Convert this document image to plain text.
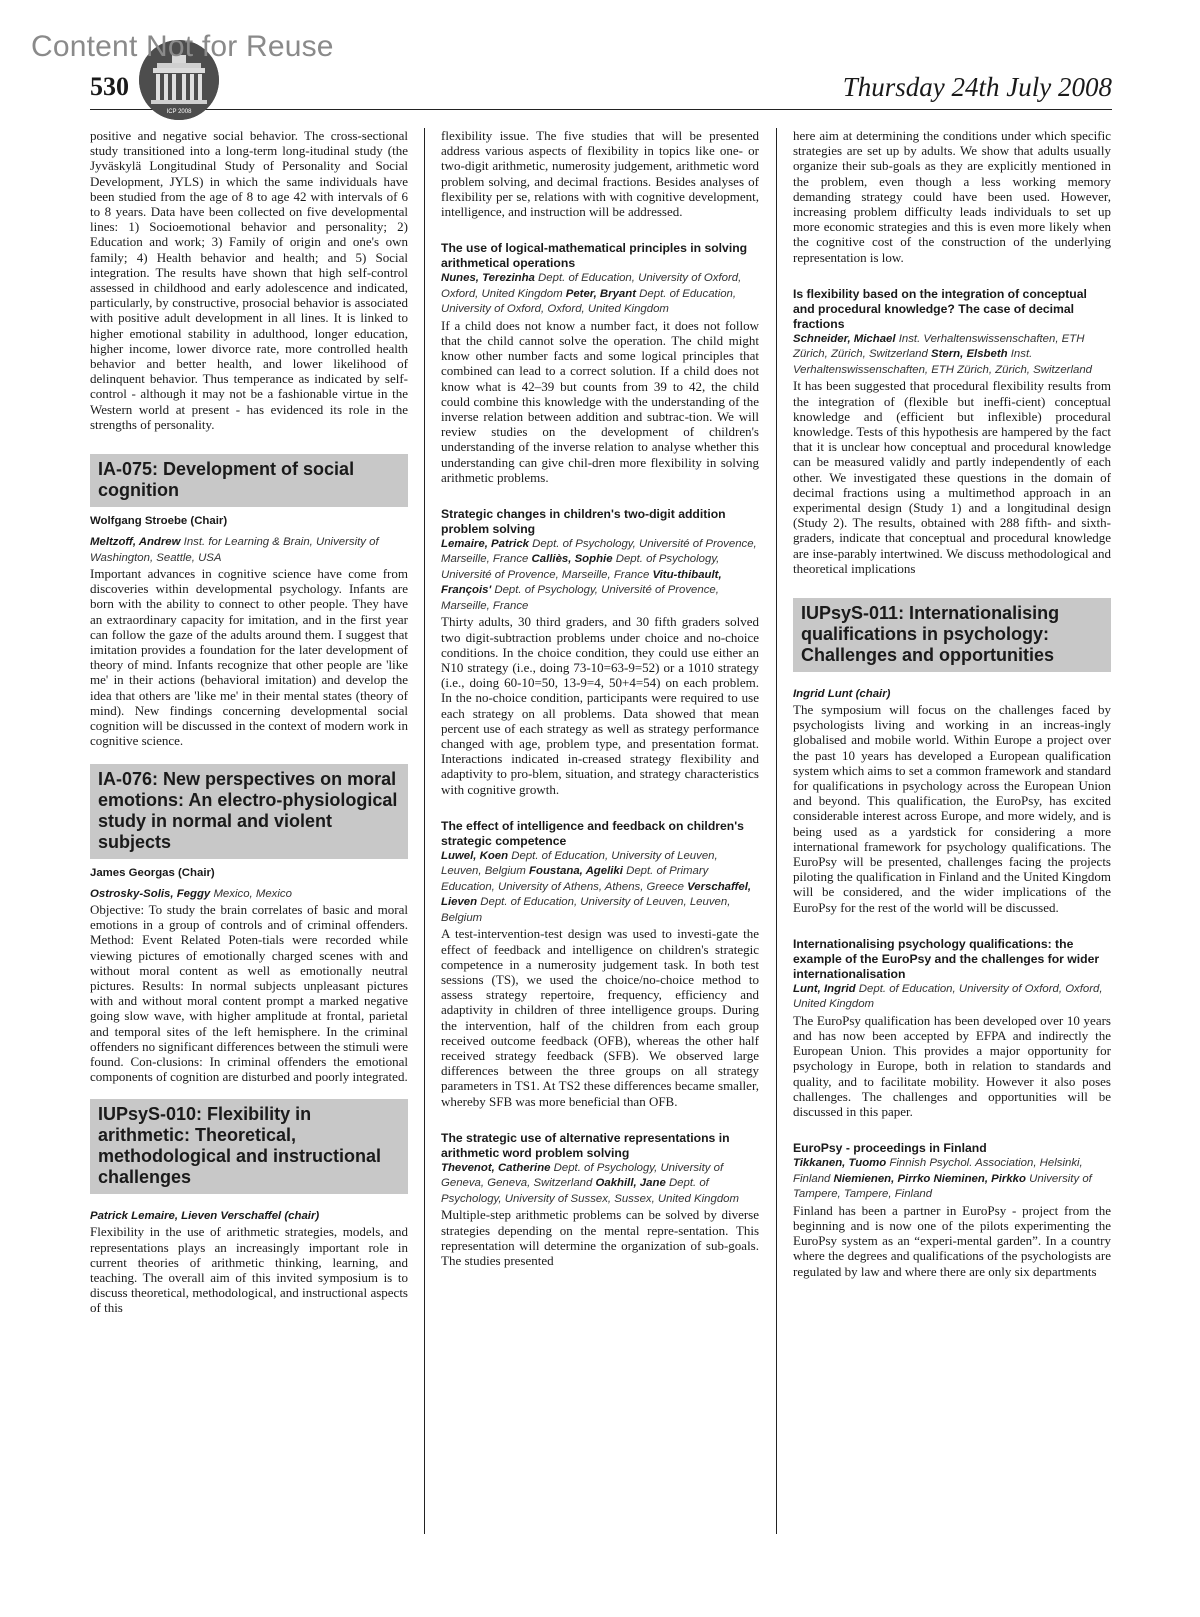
Content Not for Reuse
ICP 2008
530	Thursday 24th July 2008

positive and negative social behavior. The cross-sectional study transitioned into a long-term long-itudinal study (the Jyväskylä Longitudinal Study of Personality and Social Development, JYLS) in which the same individuals have been studied from the age of 8 to age 42 with intervals of 6 to 8 years. Data have been collected on five developmental lines: 1) Socioemotional behavior and personality; 2) Education and work; 3) Family of origin and one's own family; 4) Health behavior and health; and 5) Social integration. The results have shown that high self-control assessed in childhood and early adolescence and indicated, particularly, by constructive, prosocial behavior is associated with positive adult development in all lines. It is linked to higher emotional stability in adulthood, longer education, higher income, lower divorce rate, more controlled health behavior and better health, and lower likelihood of delinquent behavior. Thus temperance as indicated by self-control - although it may not be a fashionable virtue in the Western world at present - has evidenced its role in the strengths of personality.

IA-075: Development of social cognition

Wolfgang Stroebe (Chair)

Meltzoff, Andrew Inst. for Learning & Brain, University of Washington, Seattle, USA

Important advances in cognitive science have come from discoveries within developmental psychology. Infants are born with the ability to connect to other people. They have an extraordinary capacity for imitation, and in the first year can follow the gaze of the adults around them. I suggest that imitation provides a foundation for the later development of theory of mind. Infants recognize that other people are 'like me' in their actions (behavioral imitation) and develop the idea that others are 'like me' in their mental states (theory of mind). New findings concerning developmental social cognition will be discussed in the context of modern work in cognitive science.

IA-076: New perspectives on moral emotions: An electro-physiological study in normal and violent subjects

James Georgas (Chair)

Ostrosky-Solis, Feggy Mexico, Mexico

Objective: To study the brain correlates of basic and moral emotions in a group of controls and of criminal offenders. Method: Event Related Poten-tials were recorded while viewing pictures of emotionally charged scenes with and without moral content as well as emotionally neutral pictures. Results: In normal subjects unpleasant pictures with and without moral content prompt a marked negative going slow wave, with higher amplitude at frontal, parietal and temporal sites of the left hemisphere. In the criminal offenders no significant differences between the stimuli were found. Con-clusions: In criminal offenders the emotional components of cognition are disturbed and poorly integrated.

IUPsyS-010: Flexibility in arithmetic: Theoretical, methodological and instructional challenges

Patrick Lemaire, Lieven Verschaffel (chair)

Flexibility in the use of arithmetic strategies, models, and representations plays an increasingly important role in current theories of arithmetic thinking, learning, and teaching. The overall aim of this invited symposium is to discuss theoretical, methodological, and instructional aspects of this

flexibility issue. The five studies that will be presented address various aspects of flexibility in topics like one- or two-digit arithmetic, numerosity judgement, arithmetic word problem solving, and decimal fractions. Besides analyses of flexibility per se, relations with with cognitive development, intelligence, and instruction will be addressed.

The use of logical-mathematical principles in solving arithmetical operations

Nunes, Terezinha Dept. of Education, University of Oxford, Oxford, United Kingdom Peter, Bryant Dept. of Education, University of Oxford, Oxford, United Kingdom

If a child does not know a number fact, it does not follow that the child cannot solve the operation. The child might know other number facts and some logical principles that combined can lead to a correct solution. If a child does not know what is 42–39 but counts from 39 to 42, the child could combine this knowledge with the understanding of the inverse relation between addition and subtrac-tion. We will review studies on the development of children's understanding of the inverse relation to analyse whether this understanding can give chil-dren more flexibility in solving arithmetic problems.

Strategic changes in children's two-digit addition problem solving

Lemaire, Patrick Dept. of Psychology, Université of Provence, Marseille, France Calliès, Sophie Dept. of Psychology, Université of Provence, Marseille, France Vitu-thibault, François' Dept. of Psychology, Université of Provence, Marseille, France

Thirty adults, 30 third graders, and 30 fifth graders solved two digit-subtraction problems under choice and no-choice conditions. In the choice condition, they could use either an N10 strategy (i.e., doing 73-10=63-9=52) or a 1010 strategy (i.e., doing 60-10=50, 13-9=4, 50+4=54) on each problem. In the no-choice condition, participants were required to use each strategy on all problems. Data showed that mean percent use of each strategy as well as strategy performance changed with age, problem type, and presentation format. Interactions indicated in-creased strategy flexibility and adaptivity to pro-blem, situation, and strategy characteristics with cognitive growth.

The effect of intelligence and feedback on children's strategic competence

Luwel, Koen Dept. of Education, University of Leuven, Leuven, Belgium Foustana, Ageliki Dept. of Primary Education, University of Athens, Athens, Greece Verschaffel, Lieven Dept. of Education, University of Leuven, Leuven, Belgium

A test-intervention-test design was used to investi-gate the effect of feedback and intelligence on children's strategic competence in a numerosity judgement task. In both test sessions (TS), we used the choice/no-choice method to assess strategy repertoire, frequency, efficiency and adaptivity in children of three intelligence groups. During the intervention, half of the children from each group received outcome feedback (OFB), whereas the other half received strategy feedback (SFB). We observed large differences between the three groups on all strategy parameters in TS1. At TS2 these differences became smaller, whereby SFB was more beneficial than OFB.

The strategic use of alternative representations in arithmetic word problem solving

Thevenot, Catherine Dept. of Psychology, University of Geneva, Geneva, Switzerland Oakhill, Jane Dept. of Psychology, University of Sussex, Sussex, United Kingdom

Multiple-step arithmetic problems can be solved by diverse strategies depending on the mental repre-sentation. This representation will determine the organization of sub-goals. The studies presented

here aim at determining the conditions under which specific strategies are set up by adults. We show that adults usually organize their sub-goals as they are explicitly mentioned in the problem, even though a less working memory demanding strategy could have been used. However, increasing problem difficulty leads individuals to set up more economic strategies and this is even more likely when the cognitive cost of the construction of the underlying representation is low.

Is flexibility based on the integration of conceptual and procedural knowledge? The case of decimal fractions

Schneider, Michael Inst. Verhaltenswissenschaften, ETH Zürich, Zürich, Switzerland Stern, Elsbeth Inst. Verhaltenswissenschaften, ETH Zürich, Zürich, Switzerland

It has been suggested that procedural flexibility results from the integration of (flexible but ineffi-cient) conceptual knowledge and (efficient but inflexible) procedural knowledge. Tests of this hypothesis are hampered by the fact that it is unclear how conceptual and procedural knowledge can be measured validly and partly independently of each other. We investigated these questions in the domain of decimal fractions using a multimethod approach in an experimental design (Study 1) and a longitudinal design (Study 2). The results, obtained with 288 fifth- and sixth-graders, indicate that conceptual and procedural knowledge are inse-parably intertwined. We discuss methodological and theoretical implications

IUPsyS-011: Internationalising qualifications in psychology: Challenges and opportunities

Ingrid Lunt (chair)

The symposium will focus on the challenges faced by psychologists living and working in an increas-ingly globalised and mobile world. Within Europe a project over the past 10 years has developed a European qualification system which aims to set a common framework and standard for qualifications in psychology across the European Union and beyond. This qualification, the EuroPsy, has excited considerable interest across Europe, and more widely, and is being used as a yardstick for considering a more international framework for psychology qualifications. The EuroPsy will be presented, challenges facing the projects piloting the qualification in Finland and the United Kingdom will be considered, and the wider implications of the EuroPsy for the rest of the world will be discussed.

Internationalising psychology qualifications: the example of the EuroPsy and the challenges for wider internationalisation

Lunt, Ingrid Dept. of Education, University of Oxford, Oxford, United Kingdom

The EuroPsy qualification has been developed over 10 years and has now been accepted by EFPA and indirectly the European Union. This provides a major opportunity for psychology in Europe, both in relation to standards and quality, and to facilitate mobility. However it also poses challenges. The challenges and opportunities will be discussed in this paper.

EuroPsy - proceedings in Finland

Tikkanen, Tuomo Finnish Psychol. Association, Helsinki, Finland Niemienen, Pirrko Nieminen, Pirkko University of Tampere, Tampere, Finland

Finland has been a partner in EuroPsy - project from the beginning and is now one of the pilots experimenting the EuroPsy system as an “experi-mental garden”. In a country where the degrees and qualifications of the psychologists are regulated by law and where there are only six departments
